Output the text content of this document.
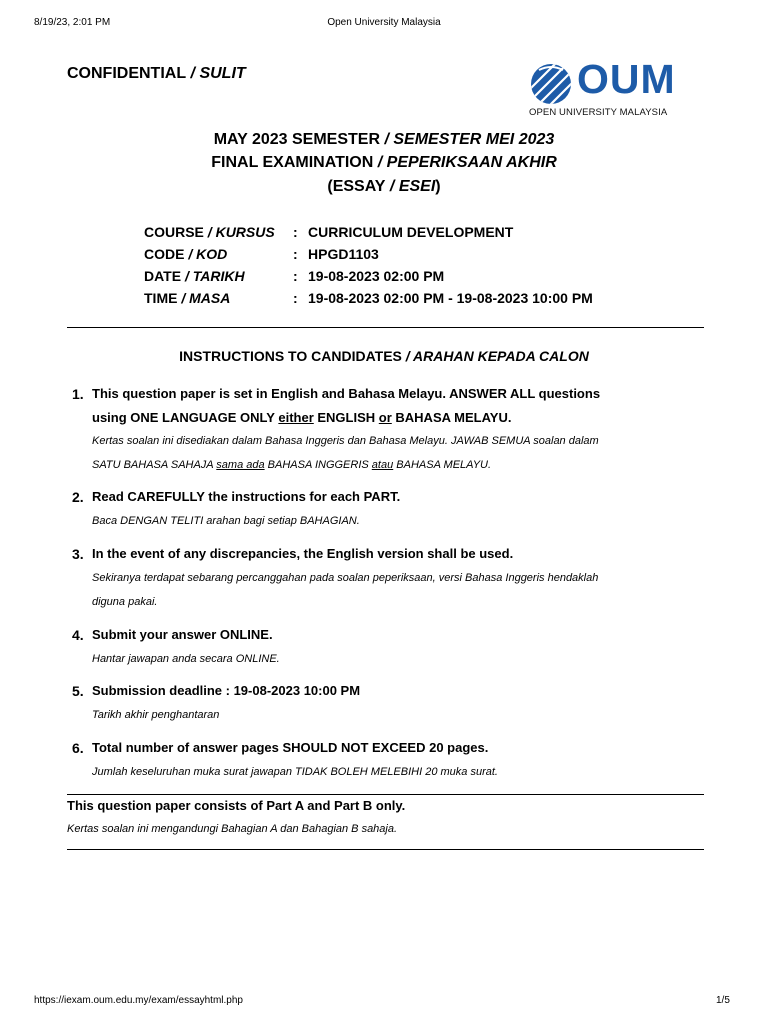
8/19/23, 2:01 PM	Open University Malaysia
CONFIDENTIAL / SULIT	OUM
OPEN UNIVERSITY MALAYSIA
MAY 2023 SEMESTER / SEMESTER MEI 2023
FINAL EXAMINATION / PEPERIKSAAN AKHIR
(ESSAY / ESEI)
COURSE / KURSUS : CURRICULUM DEVELOPMENT
CODE / KOD	: HPGD1103
DATE / TARIKH	: 19-08-2023 02:00 PM
TIME / MASA	: 19-08-2023 02:00 PM - 19-08-2023 10:00 PM
INSTRUCTIONS TO CANDIDATES / ARAHAN KEPADA CALON
1. This question paper is set in English and Bahasa Melayu. ANSWER ALL questions
using ONE LANGUAGE ONLY either ENGLISH or BAHASA MELAYU.
Kertas soalan ini disediakan dalam Bahasa Inggeris dan Bahasa Melayu. JAWAB SEMUA soalan dalam
SATU BAHASA SAHAJA sama ada BAHASA INGGERIS atau BAHASA MELAYU.
2. Read CAREFULLY the instructions for each PART.
Baca DENGAN TELITI arahan bagi setiap BAHAGIAN.
3. In the event of any discrepancies, the English version shall be used.
Sekiranya terdapat sebarang percanggahan pada soalan peperiksaan, versi Bahasa Inggeris hendaklah
diguna pakai.
4. Submit your answer ONLINE.
Hantar jawapan anda secara ONLINE.
5. Submission deadline : 19-08-2023 10:00 PM
Tarikh akhir penghantaran
6. Total number of answer pages SHOULD NOT EXCEED 20 pages.
Jumlah keseluruhan muka surat jawapan TIDAK BOLEH MELEBIHI 20 muka surat.
This question paper consists of Part A and Part B only.
Kertas soalan ini mengandungi Bahagian A dan Bahagian B sahaja.
https://iexam.oum.edu.my/exam/essayhtml.php	1/5
